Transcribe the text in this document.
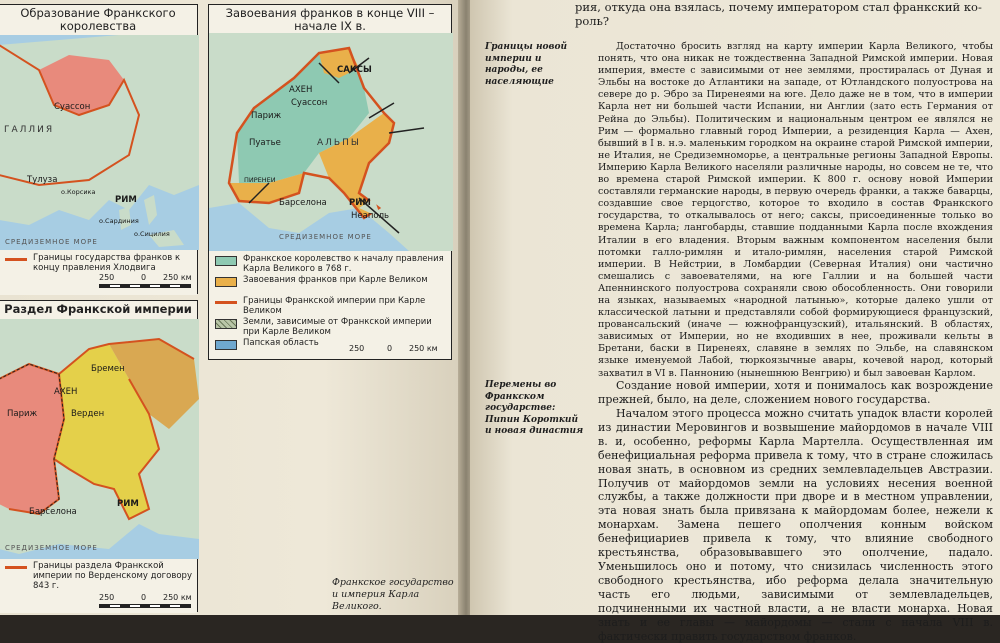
Образование Франкского королевства
Суассон
ГАЛЛИЯ
Тулуза
о.Корсика
РИМ
о.Сардиния
о.Сицилия
СРЕДИЗЕМНОЕ МОРЕ
Границы государства франков к концу правления Хлодвига
250	0 250 км
Завоевания франков в конце VIII – начале IX в.
САКСЫ
АХЕН
Суассон
Париж
Пуатье	АЛЬПЫ
ПИРЕНЕИ
Барселона	РИМ
Неаполь
СРЕДИЗЕМНОЕ МОРЕ
Франкское королевство к началу правления Карла Великого в 768 г.
Завоевания франков при Карле Великом
Границы Франкской империи при Карле Великом
Земли, зависимые от Франкской империи при Карле Великом
Папская область
250	0 250 км
Раздел Франкской империи
Бремен
АХЕН
Париж	Верден
Барселона
РИМ
СРЕДИЗЕМНОЕ МОРЕ
Границы раздела Франкской империи по Верденскому договору 843 г.
250	0 250 км
Франкское государство и империя Карла Великого.
рия, откуда она взялась, почему императором стал франкский ко-роль?
Границы новой империи и народы, ее населяющие
Достаточно бросить взгляд на карту империи Карла Великого, чтобы понять, что она никак не тождественна Западной Римской империи. Новая империя, вместе с зависимыми от нее землями, простиралась от Дуная и Эльбы на востоке до Атлантики на западе, от Ютландского полуострова на севере до р. Эбро за Пиренеями на юге. Дело даже не в том, что в империи Карла нет ни большей части Испании, ни Англии (зато есть Германия от Рейна до Эльбы). Политическим и национальным центром ее являлся не Рим — формально главный город Империи, а резиденция Карла — Ахен, бывший в I в. н.э. маленьким городком на окраине старой Римской империи, не Италия, не Средиземноморье, а центральные регионы Западной Европы. Империю Карла Великого населяли различные народы, но совсем не те, что во времена старой Римской империи. К 800 г. основу новой Империи составляли германские народы, в первую очередь франки, а также баварцы, создавшие свое герцогство, которое то входило в состав Франкского государства, то откалывалось от него; саксы, присоединенные только во времена Карла; лангобарды, ставшие подданными Карла после вхождения Италии в его владения. Вторым важным компонентом населения были потомки галло-римлян и итало-римлян, населения старой Римской империи. В Нейстрии, в Ломбардии (Северная Италия) они частично смешались с завоевателями, на юге Галлии и на большей части Апеннинского полуострова сохраняли свою обособленность. Они говорили на языках, называемых «народной латынью», которые далеко ушли от классической латыни и представляли собой формирующиеся французский, провансальский (иначе — южнофранцузский), итальянский. В областях, зависимых от Империи, но не входивших в нее, проживали кельты в Бретани, баски в Пиренеях, славяне в землях по Эльбе, на славянском языке именуемой Лабой, тюркоязычные авары, кочевой народ, который захватил в VI в. Паннонию (нынешнюю Венгрию) и был завоеван Карлом.
Перемены во Франкском государстве: Пипин Короткий и новая династия
Создание новой империи, хотя и понималось как возрождение прежней, было, на деле, сложением нового государства.
Началом этого процесса можно считать упадок власти королей из династии Меровингов и возвышение майордомов в начале VIII в. и, особенно, реформы Карла Мартелла. Осуществленная им бенефициальная реформа привела к тому, что в стране сложилась новая знать, в основном из средних землевладельцев Австразии. Получив от майордомов земли на условиях несения военной службы, а также должности при дворе и в местном управлении, эта новая знать была привязана к майордомам более, нежели к монархам. Замена пешего ополчения конным войском бенефициариев привела к тому, что влияние свободного крестьянства, образовывавшего это ополчение, падало. Уменьшилось оно и потому, что снизилась численность этого свободного крестьянства, ибо реформа делала значительную часть его людьми, зависимыми от землевладельцев, подчиненными их частной власти, а не власти монарха. Новая знать и ее главы — майордомы — стали с начала VIII в. фактически править государством франков.
